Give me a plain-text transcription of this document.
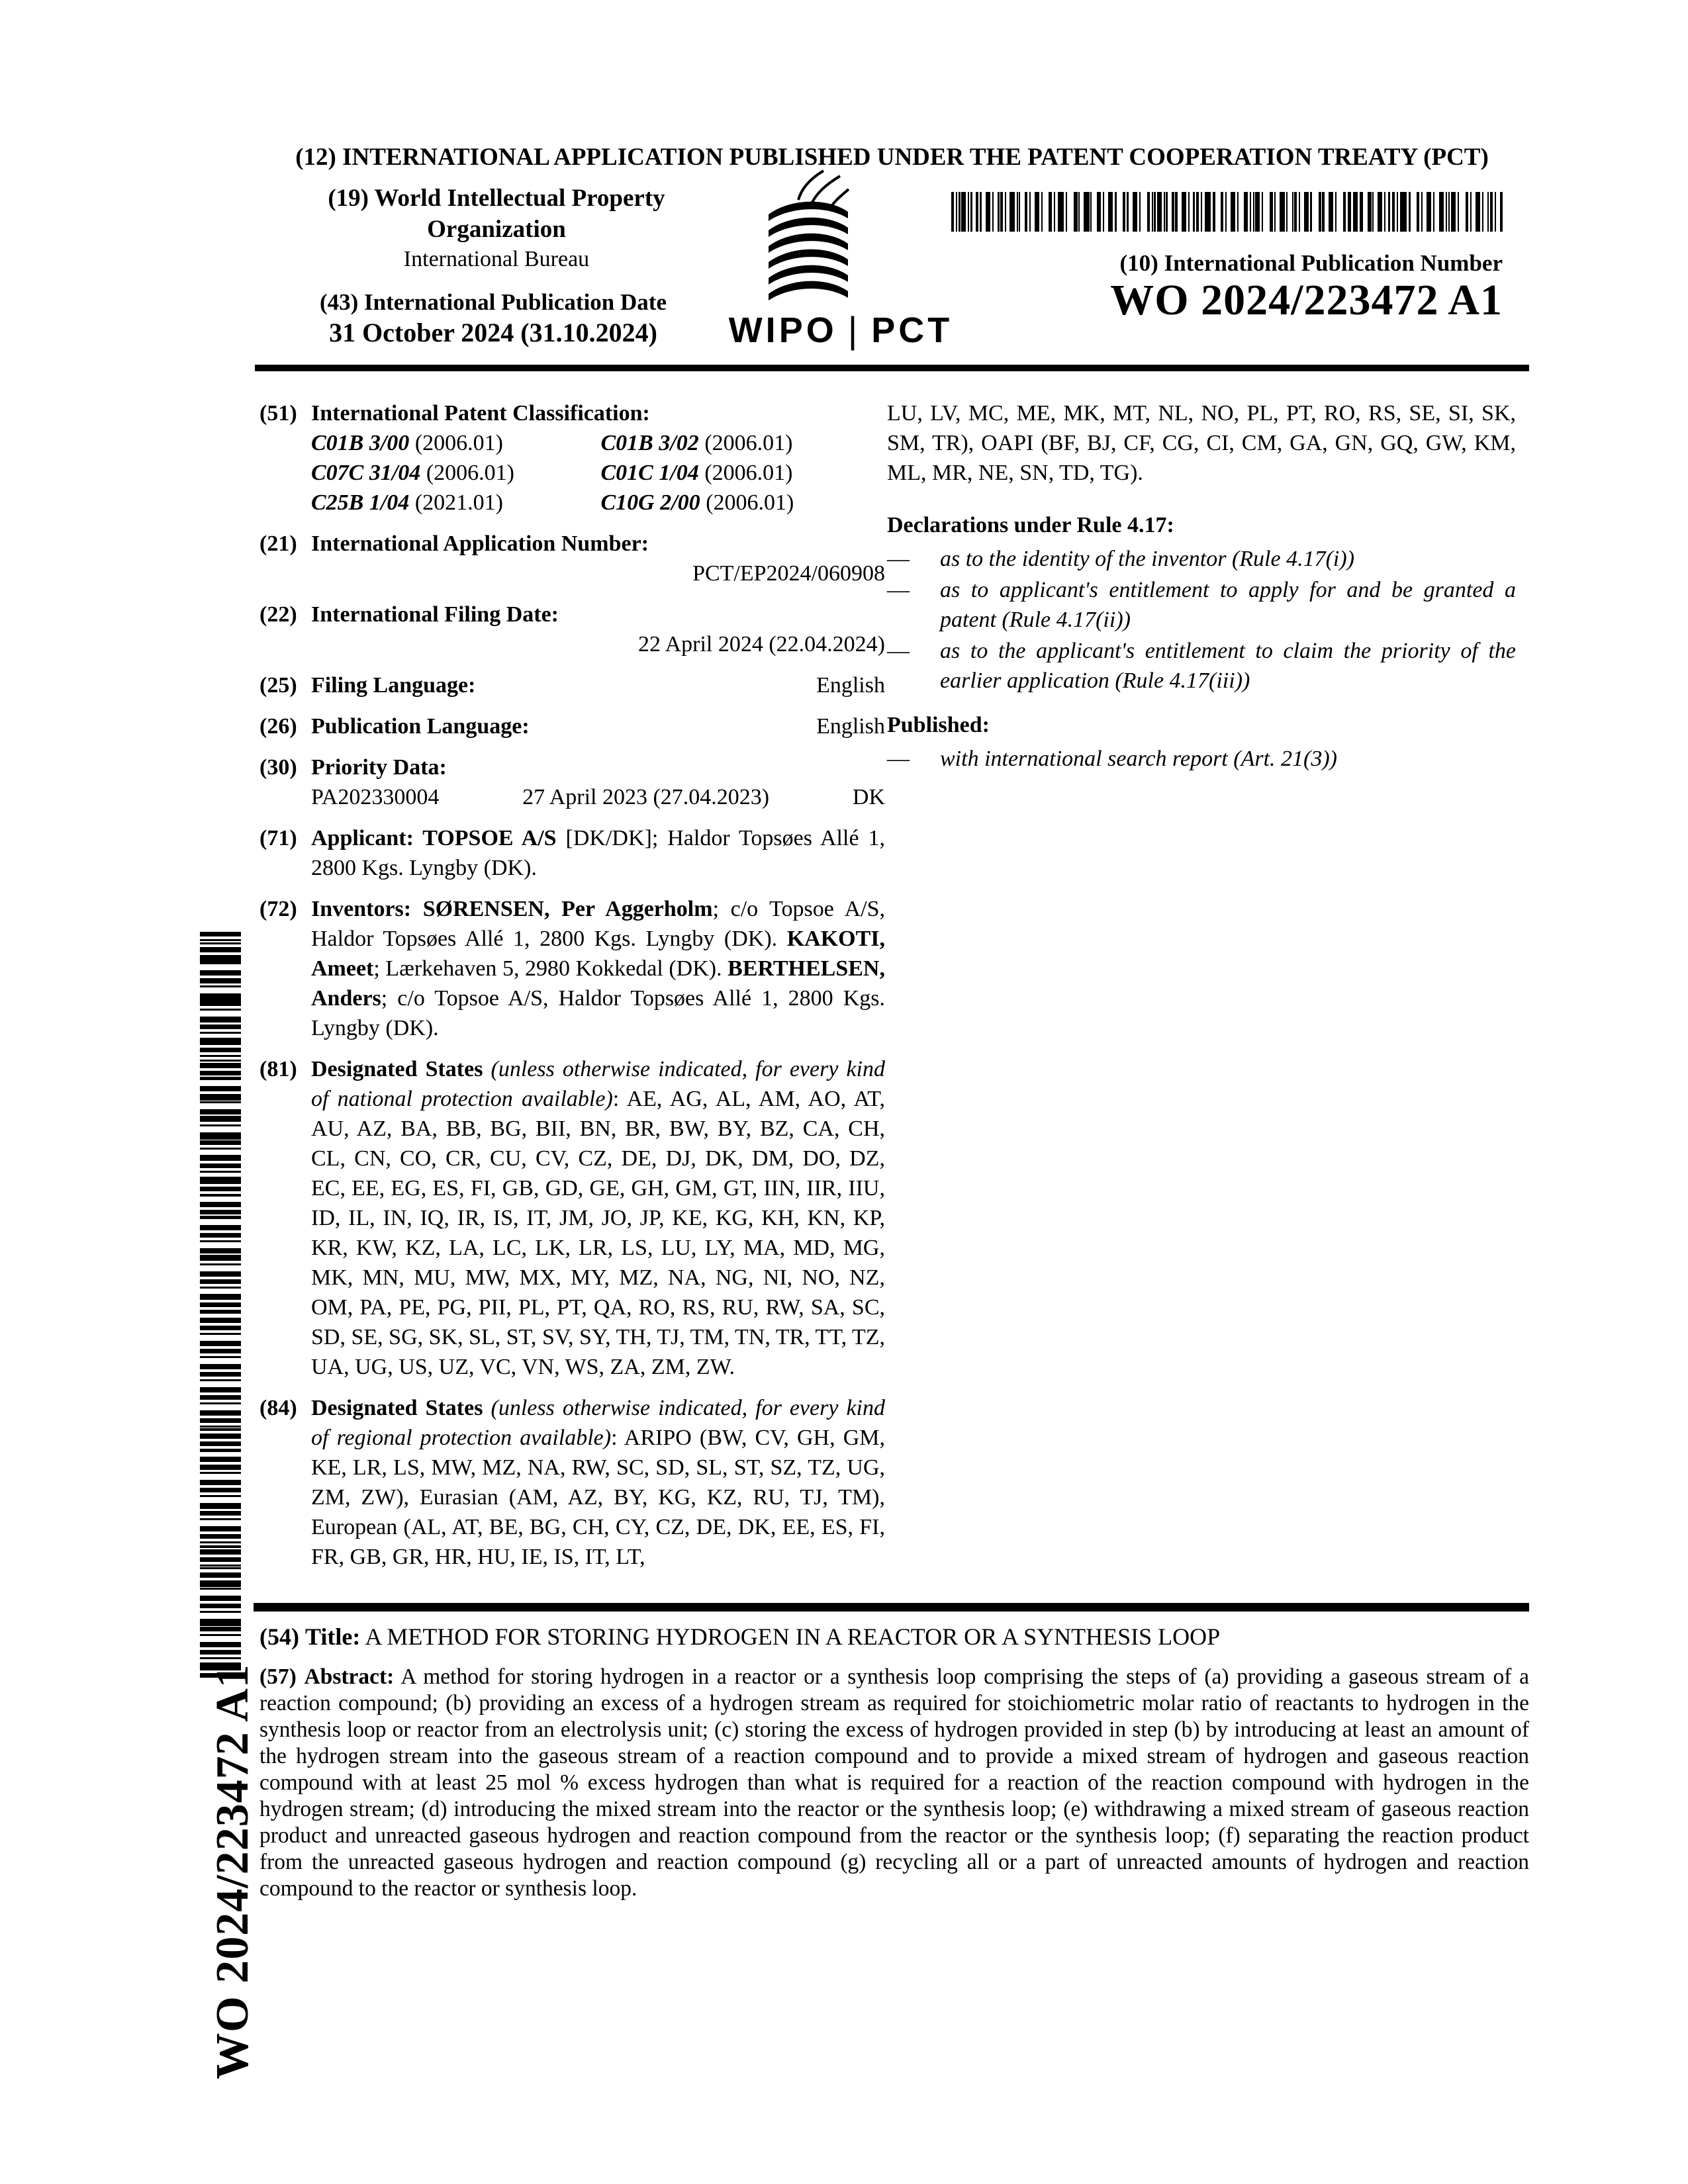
(12) INTERNATIONAL APPLICATION PUBLISHED UNDER THE PATENT COOPERATION TREATY (PCT)
(19) World Intellectual Property
Organization
International Bureau
(43) International Publication Date
31 October 2024 (31.10.2024)	WIPO | PCT
(10) International Publication Number
WO 2024/223472 A1
(51) International Patent Classification:
C01B 3/00 (2006.01)	C01B 3/02 (2006.01)
C07C 31/04 (2006.01)	C01C 1/04 (2006.01)
C25B 1/04 (2021.01)	C10G 2/00 (2006.01)
(21) International Application Number:
PCT/EP2024/060908
(22) International Filing Date:
22 April 2024 (22.04.2024)
(25) Filing Language:	English
(26) Publication Language:	English
(30) Priority Data:
PA202330004	27 April 2023 (27.04.2023)	DK
(71) Applicant: TOPSOE A/S [DK/DK]; Haldor Topsøes Allé 1, 2800 Kgs. Lyngby (DK).
(72) Inventors: SØRENSEN, Per Aggerholm; c/o Topsoe A/S, Haldor Topsøes Allé 1, 2800 Kgs. Lyngby (DK). KAKOTI, Ameet; Lærkehaven 5, 2980 Kokkedal (DK). BERTHELSEN, Anders; c/o Topsoe A/S, Haldor Topsøes Allé 1, 2800 Kgs. Lyngby (DK).
(81) Designated States (unless otherwise indicated, for every kind of national protection available): AE, AG, AL, AM, AO, AT, AU, AZ, BA, BB, BG, BII, BN, BR, BW, BY, BZ, CA, CH, CL, CN, CO, CR, CU, CV, CZ, DE, DJ, DK, DM, DO, DZ, EC, EE, EG, ES, FI, GB, GD, GE, GH, GM, GT, IIN, IIR, IIU, ID, IL, IN, IQ, IR, IS, IT, JM, JO, JP, KE, KG, KH, KN, KP, KR, KW, KZ, LA, LC, LK, LR, LS, LU, LY, MA, MD, MG, MK, MN, MU, MW, MX, MY, MZ, NA, NG, NI, NO, NZ, OM, PA, PE, PG, PII, PL, PT, QA, RO, RS, RU, RW, SA, SC, SD, SE, SG, SK, SL, ST, SV, SY, TH, TJ, TM, TN, TR, TT, TZ, UA, UG, US, UZ, VC, VN, WS, ZA, ZM, ZW.
(84) Designated States (unless otherwise indicated, for every kind of regional protection available): ARIPO (BW, CV, GH, GM, KE, LR, LS, MW, MZ, NA, RW, SC, SD, SL, ST, SZ, TZ, UG, ZM, ZW), Eurasian (AM, AZ, BY, KG, KZ, RU, TJ, TM), European (AL, AT, BE, BG, CH, CY, CZ, DE, DK, EE, ES, FI, FR, GB, GR, HR, HU, IE, IS, IT, LT,
LU, LV, MC, ME, MK, MT, NL, NO, PL, PT, RO, RS, SE, SI, SK, SM, TR), OAPI (BF, BJ, CF, CG, CI, CM, GA, GN, GQ, GW, KM, ML, MR, NE, SN, TD, TG).
Declarations under Rule 4.17:
—	as to the identity of the inventor (Rule 4.17(i))
—	as to applicant's entitlement to apply for and be granted a patent (Rule 4.17(ii))
—	as to the applicant's entitlement to claim the priority of the earlier application (Rule 4.17(iii))
Published:
—	with international search report (Art. 21(3))
(54) Title: A METHOD FOR STORING HYDROGEN IN A REACTOR OR A SYNTHESIS LOOP
(57) Abstract: A method for storing hydrogen in a reactor or a synthesis loop comprising the steps of (a) providing a gaseous stream of a reaction compound; (b) providing an excess of a hydrogen stream as required for stoichiometric molar ratio of reactants to hydrogen in the synthesis loop or reactor from an electrolysis unit; (c) storing the excess of hydrogen provided in step (b) by introducing at least an amount of the hydrogen stream into the gaseous stream of a reaction compound and to provide a mixed stream of hydrogen and gaseous reaction compound with at least 25 mol % excess hydrogen than what is required for a reaction of the reaction compound with hydrogen in the hydrogen stream; (d) introducing the mixed stream into the reactor or the synthesis loop; (e) withdrawing a mixed stream of gaseous reaction product and unreacted gaseous hydrogen and reaction compound from the reactor or the synthesis loop; (f) separating the reaction product from the unreacted gaseous hydrogen and reaction compound (g) recycling all or a part of unreacted amounts of hydrogen and reaction compound to the reactor or synthesis loop.
WO 2024/223472 A1
